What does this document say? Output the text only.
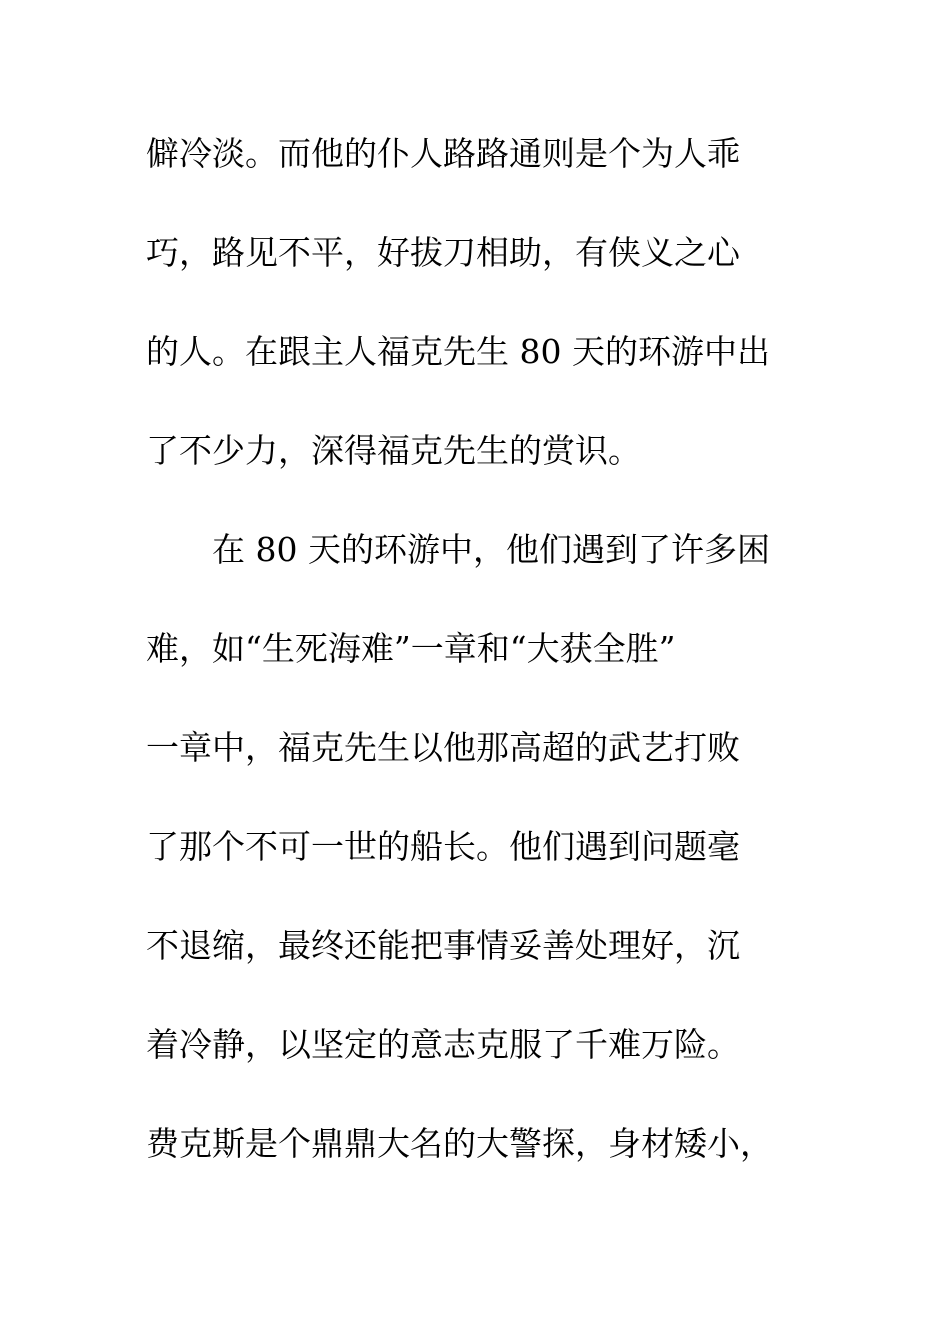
僻冷淡。而他的仆人路路通则是个为人乖
巧，路见不平，好拔刀相助，有侠义之心
的人。在跟主人福克先生 80 天的环游中出
了不少力，深得福克先生的赏识。
在 80 天的环游中，他们遇到了许多困
难，如“生死海难”一章和“大获全胜”
一章中，福克先生以他那高超的武艺打败
了那个不可一世的船长。他们遇到问题毫
不退缩，最终还能把事情妥善处理好，沉
着冷静，以坚定的意志克服了千难万险。
费克斯是个鼎鼎大名的大警探，身材矮小，
